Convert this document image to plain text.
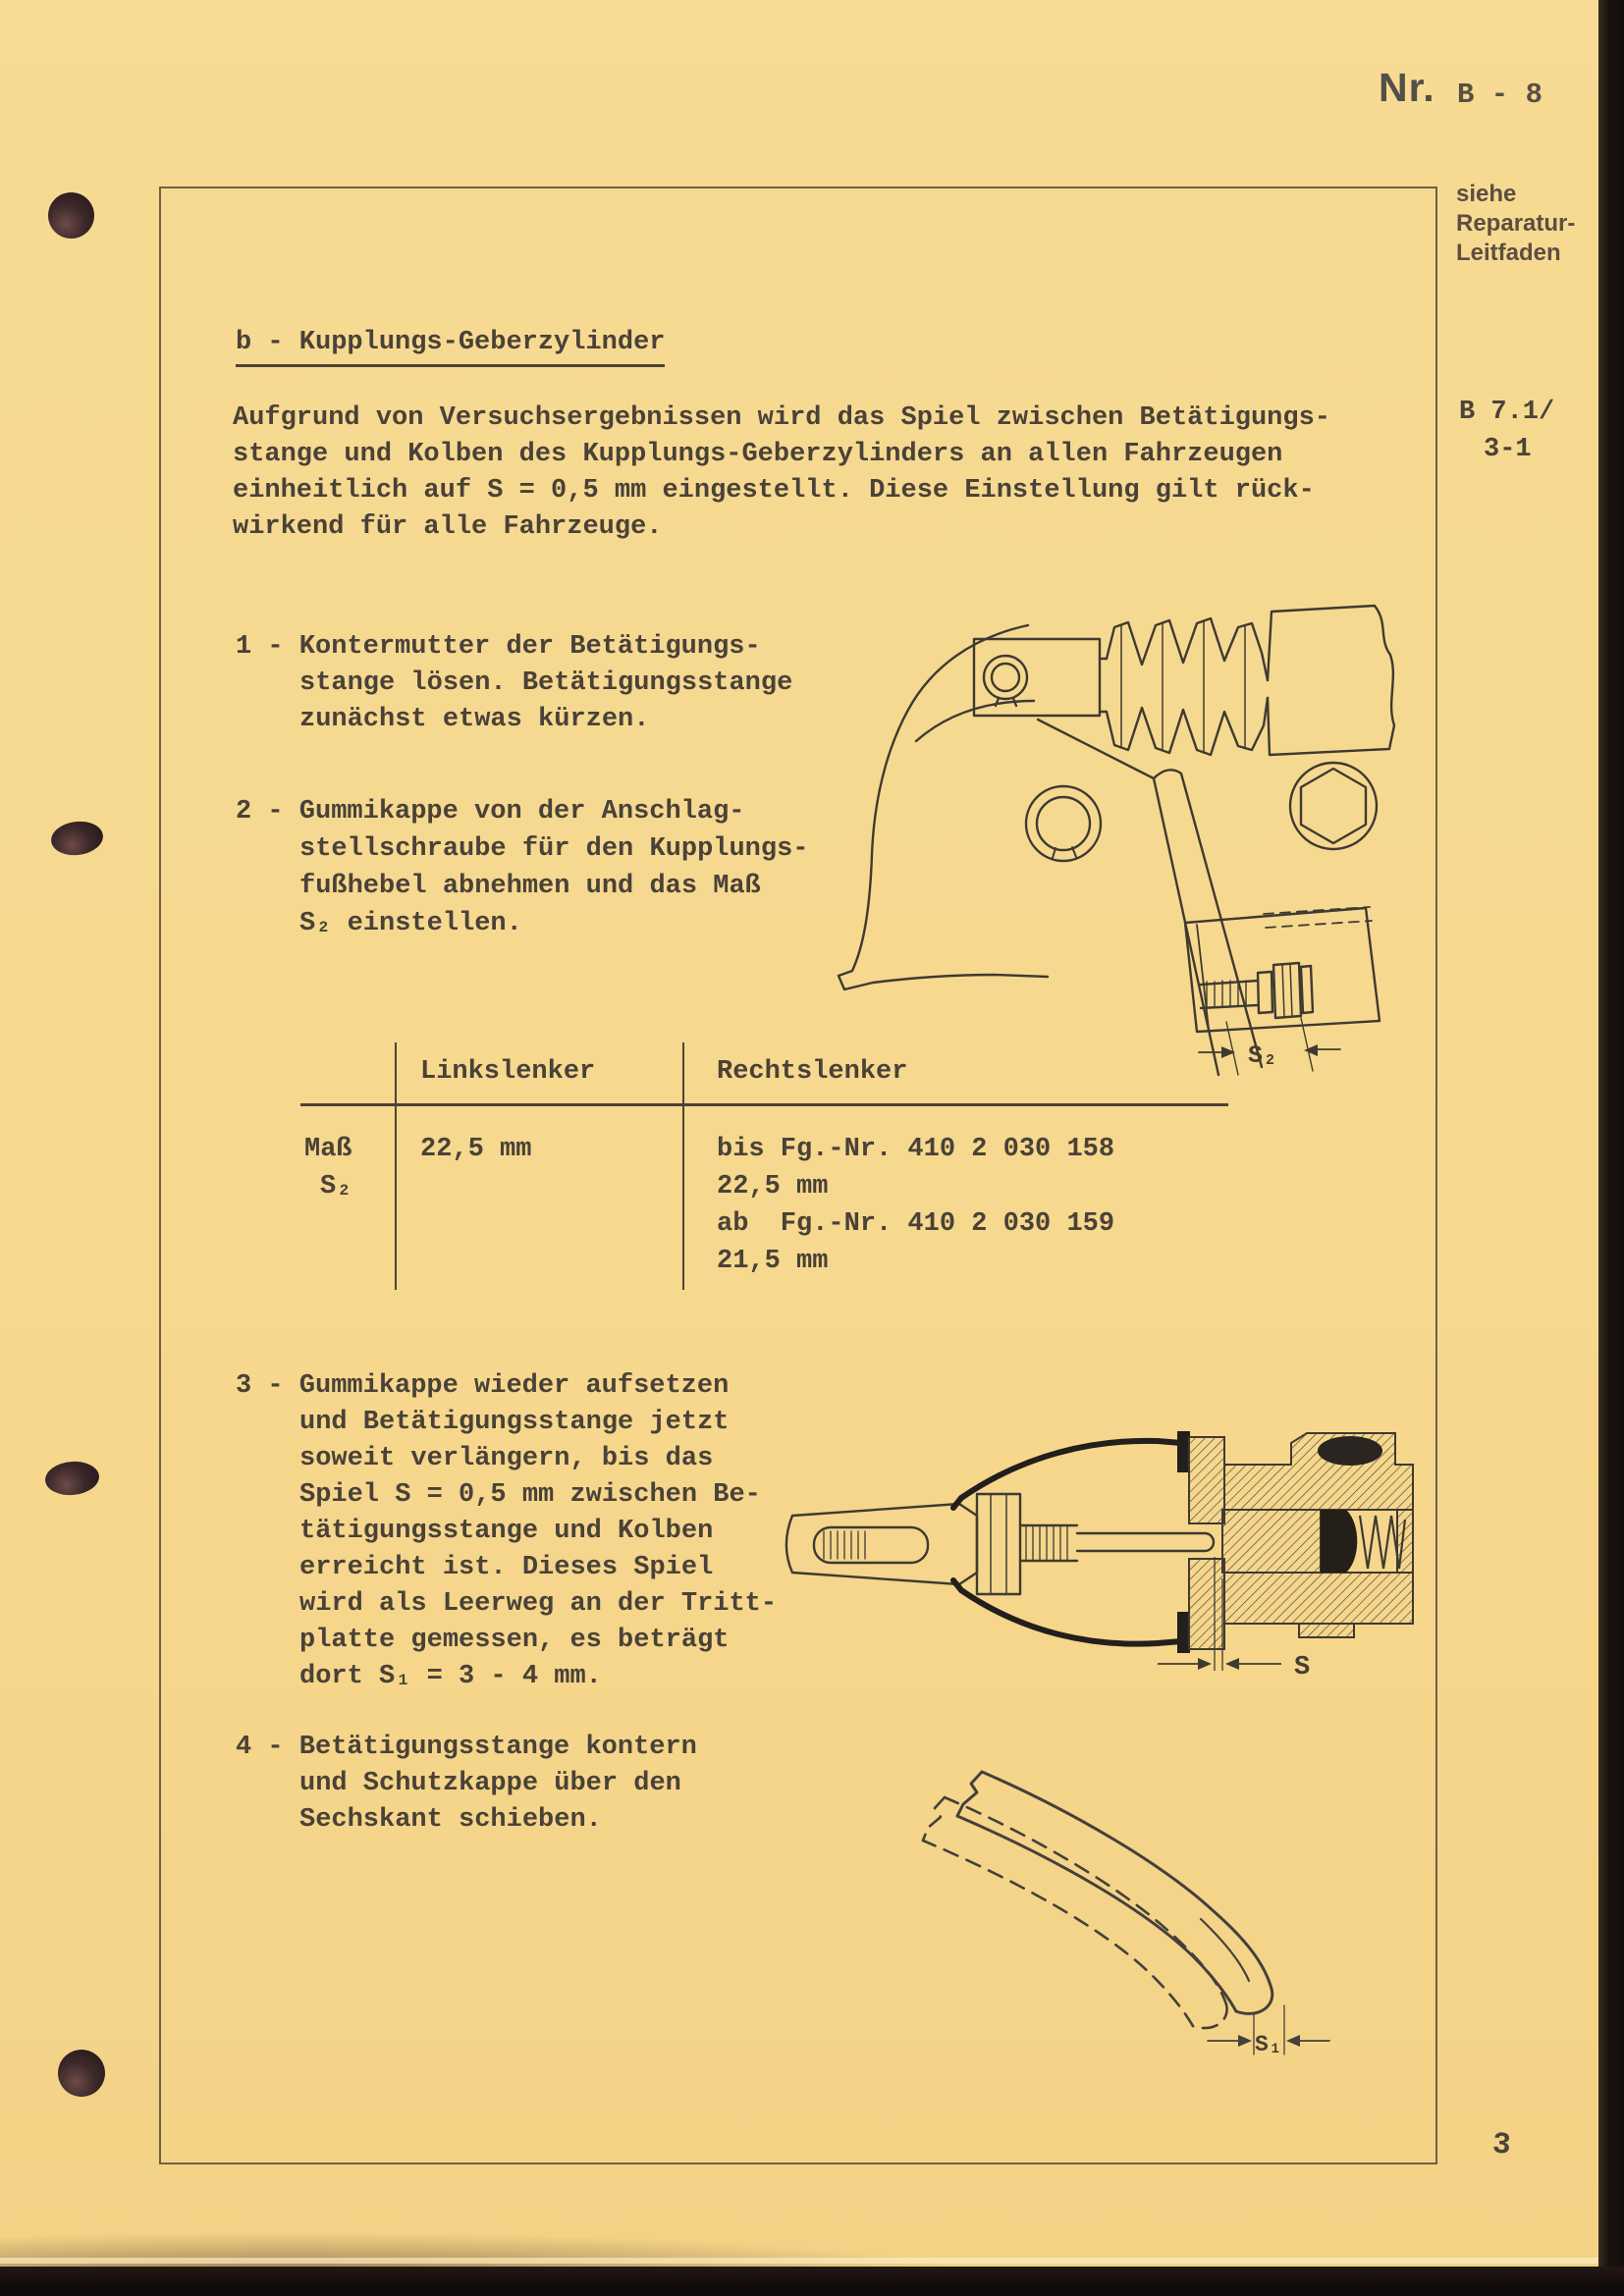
Nr. B - 8
siehe
Reparatur-
Leitfaden
B 7.1/
3-1
b - Kupplungs-Geberzylinder
Aufgrund von Versuchsergebnissen wird das Spiel zwischen Betätigungs-
stange und Kolben des Kupplungs-Geberzylinders an allen Fahrzeugen
einheitlich auf S = 0,5 mm eingestellt. Diese Einstellung gilt rück-
wirkend für alle Fahrzeuge.
1 - Kontermutter der Betätigungs-
stange lösen. Betätigungsstange
zunächst etwas kürzen.
2 - Gummikappe von der Anschlag-
stellschraube für den Kupplungs-
fußhebel abnehmen und das Maß
S₂ einstellen.
3 - Gummikappe wieder aufsetzen
und Betätigungsstange jetzt
soweit verlängern, bis das
Spiel S = 0,5 mm zwischen Be-
tätigungsstange und Kolben
erreicht ist. Dieses Spiel
wird als Leerweg an der Tritt-
platte gemessen, es beträgt
dort S₁ = 3 - 4 mm.
4 - Betätigungsstange kontern
und Schutzkappe über den
Sechskant schieben.
Linkslenker	Rechtslenker
Maß
S₂
22,5 mm	bis Fg.-Nr. 410 2 030 158
22,5 mm
ab  Fg.-Nr. 410 2 030 159
21,5 mm
S₂
S
S₁
3
